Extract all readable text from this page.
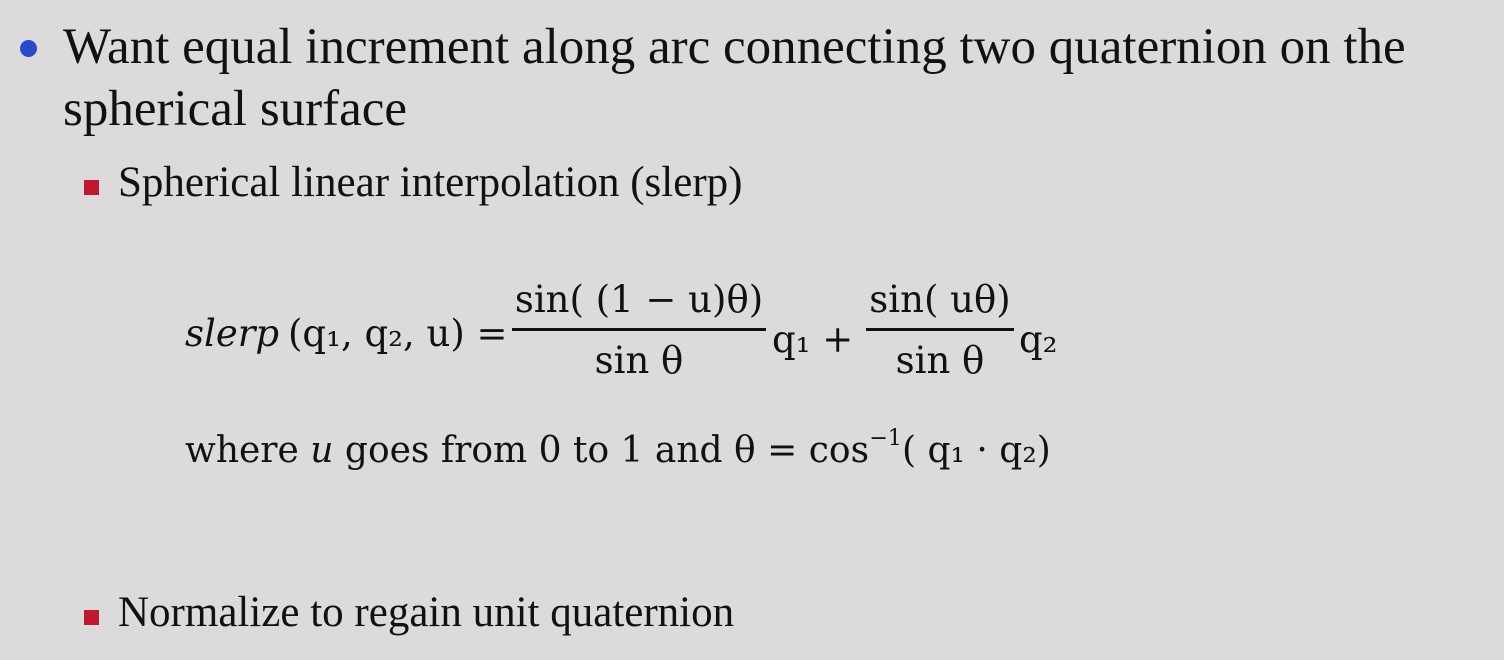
Want equal increment along arc connecting two quaternion on the spherical surface
Spherical linear interpolation (slerp)
slerp (q₁, q₂, u) =
sin( (1 − u)θ)
sin θ	q₁ +
sin( uθ)
sin θ q₂
where u goes from 0 to 1 and $\theta = \cos^{-1}$( q₁ · q₂)
Normalize to regain unit quaternion
